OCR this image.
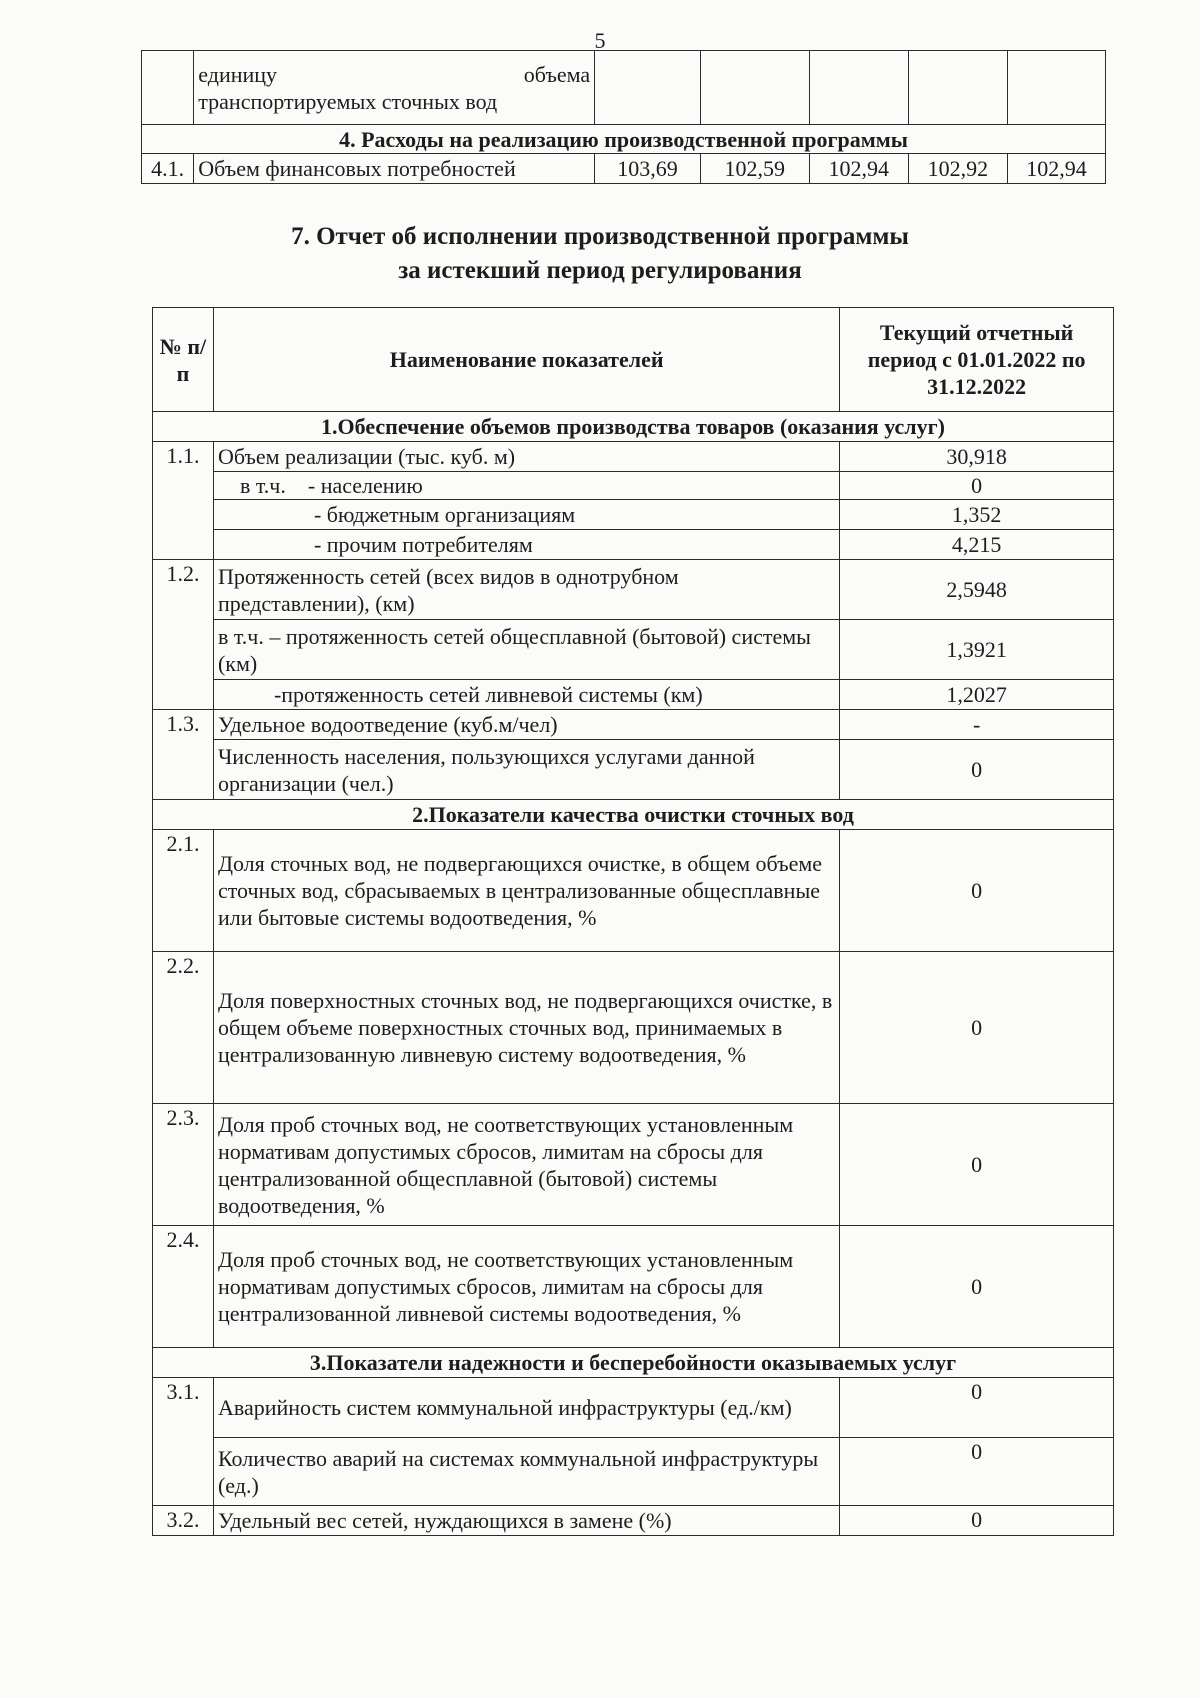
5

	единицу объема
транспортируемых сточных вод					

4. Расходы на реализацию производственной программы						
4.1.	Объем финансовых потребностей	103,69	102,59	102,94	102,92	102,94
7. Отчет об исполнении производственной программы
за истекший период регулирования
№ п/п	Наименование показателей	Текущий отчетный период с 01.01.2022 по 31.12.2022
1.Обеспечение объемов производства товаров (оказания услуг)		
1.1.	Объем реализации (тыс. куб. м)	30,918
	в т.ч. - населению	0
	- бюджетным организациям	1,352
	- прочим потребителям	4,215
1.2.	Протяженность сетей (всех видов в однотрубном представлении), (км)	2,5948
	в т.ч. – протяженность сетей общесплавной (бытовой) системы (км)	1,3921
	-протяженность сетей ливневой системы (км)	1,2027
1.3.	Удельное водоотведение (куб.м/чел)	-
	Численность населения, пользующихся услугами данной организации (чел.)	0
2.Показатели качества очистки сточных вод		
2.1.	Доля сточных вод, не подвергающихся очистке, в общем объеме сточных вод, сбрасываемых в централизованные общесплавные или бытовые системы водоотведения, %	0
2.2.	Доля поверхностных сточных вод, не подвергающихся очистке, в общем объеме поверхностных сточных вод, принимаемых в централизованную ливневую систему водоотведения, %	0
2.3.	Доля проб сточных вод, не соответствующих установленным нормативам допустимых сбросов, лимитам на сбросы для централизованной общесплавной (бытовой) системы водоотведения, %	0
2.4.	Доля проб сточных вод, не соответствующих установленным нормативам допустимых сбросов, лимитам на сбросы для централизованной ливневой системы водоотведения, %	0
3.Показатели надежности и бесперебойности оказываемых услуг		
3.1.	Аварийность систем коммунальной инфраструктуры (ед./км)	0
	Количество аварий на системах коммунальной инфраструктуры (ед.)	0
3.2.	Удельный вес сетей, нуждающихся в замене (%)	0
